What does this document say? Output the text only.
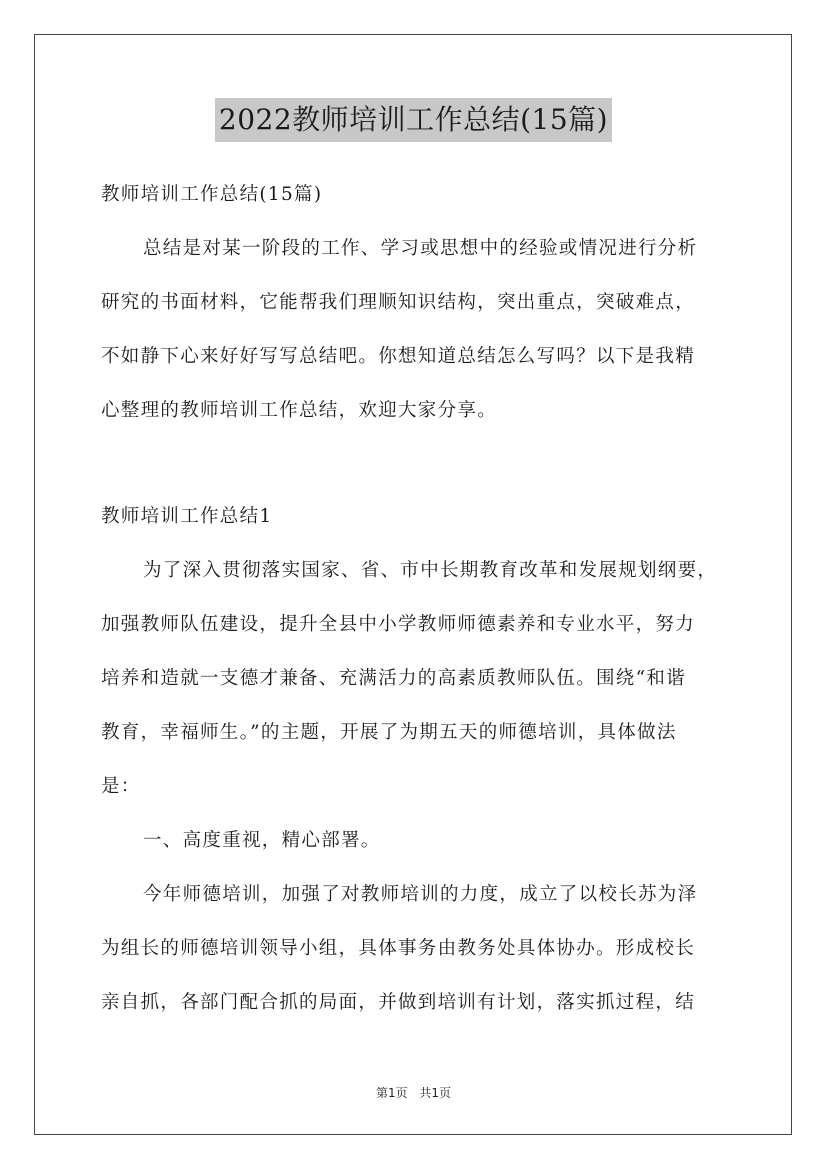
2022教师培训工作总结(15篇)
教师培训工作总结(15篇)
总结是对某一阶段的工作、学习或思想中的经验或情况进行分析
研究的书面材料，它能帮我们理顺知识结构，突出重点，突破难点，
不如静下心来好好写写总结吧。你想知道总结怎么写吗？以下是我精
心整理的教师培训工作总结，欢迎大家分享。
教师培训工作总结1
为了深入贯彻落实国家、省、市中长期教育改革和发展规划纲要，
加强教师队伍建设，提升全县中小学教师师德素养和专业水平，努力
培养和造就一支德才兼备、充满活力的高素质教师队伍。围绕“和谐
教育，幸福师生。”的主题，开展了为期五天的师德培训，具体做法
是：
一、高度重视，精心部署。
今年师德培训，加强了对教师培训的力度，成立了以校长苏为泽
为组长的师德培训领导小组，具体事务由教务处具体协办。形成校长
亲自抓，各部门配合抓的局面，并做到培训有计划，落实抓过程，结
第1页 共1页
